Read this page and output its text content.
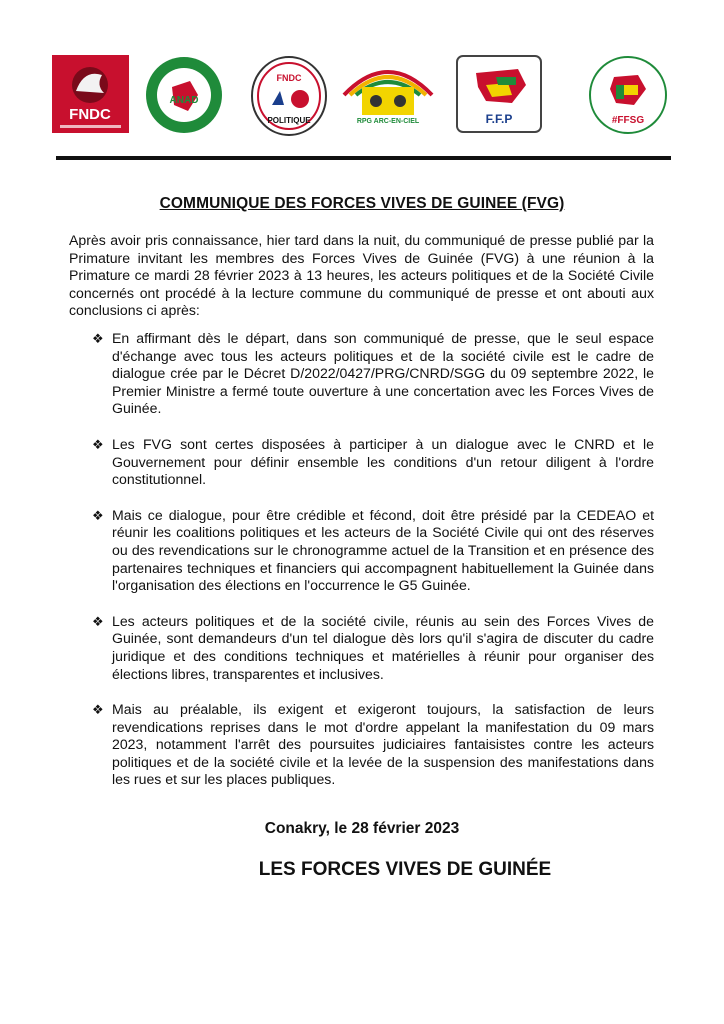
FNDC
ANAD
FNDC
POLITIQUE	RPG ARC-EN-CIEL	F.F.P	#FFSG
COMMUNIQUE DES FORCES VIVES DE GUINEE (FVG)

Après avoir pris connaissance, hier tard dans la nuit, du communiqué de presse publié par la Primature invitant les membres des Forces Vives de Guinée (FVG) à une réunion à la Primature ce mardi 28 février 2023 à 13 heures, les acteurs politiques et de la Société Civile concernés ont procédé à la lecture commune du communiqué de presse et ont abouti aux conclusions ci après:

❖ En affirmant dès le départ, dans son communiqué de presse, que le seul espace d'échange avec tous les acteurs politiques et de la société civile est le cadre de dialogue crée par le Décret D/2022/0427/PRG/CNRD/SGG du 09 septembre 2022, le Premier Ministre a fermé toute ouverture à une concertation avec les Forces Vives de Guinée.
❖ Les FVG sont certes disposées à participer à un dialogue avec le CNRD et le Gouvernement pour définir ensemble les conditions d'un retour diligent à l'ordre constitutionnel.
❖ Mais ce dialogue, pour être crédible et fécond, doit être présidé par la CEDEAO et réunir les coalitions politiques et les acteurs de la Société Civile qui ont des réserves ou des revendications sur le chronogramme actuel de la Transition et en présence des partenaires techniques et financiers qui accompagnent habituellement la Guinée dans l'organisation des élections en l'occurrence le G5 Guinée.
❖ Les acteurs politiques et de la société civile, réunis au sein des Forces Vives de Guinée, sont demandeurs d'un tel dialogue dès lors qu'il s'agira de discuter du cadre juridique et des conditions techniques et matérielles à réunir pour organiser des élections libres, transparentes et inclusives.
❖ Mais au préalable, ils exigent et exigeront toujours, la satisfaction de leurs revendications reprises dans le mot d'ordre appelant la manifestation du 09 mars 2023, notamment l'arrêt des poursuites judiciaires fantaisistes contre les acteurs politiques et de la société civile et la levée de la suspension des manifestations dans les rues et sur les places publiques.
Conakry, le 28 février 2023
LES FORCES VIVES DE GUINÉE
